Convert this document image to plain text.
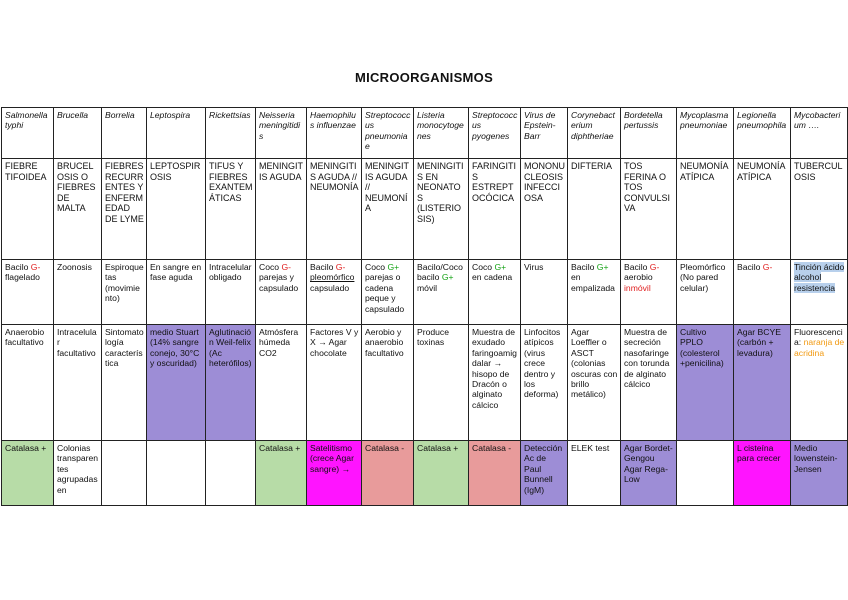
MICROORGANISMOS
Salmonella typhi	Brucella	Borrelia	Leptospira	Rickettsias	Neisseria meningitidis	Haemophilus influenzae	Streptococcus pneumoniae	Listeria monocytogenes	Streptococcus pyogenes	Virus de Epstein-Barr	Corynebacterium diphtheriae	Bordetella pertussis	Mycoplasma pneumoniae	Legionella pneumophila	Mycobacterium ….
FIEBRE TIFOIDEA	BRUCELOSIS O FIEBRES DE MALTA	FIEBRES RECURRENTES Y ENFERMEDAD DE LYME	LEPTOSPIROSIS	TIFUS Y FIEBRES EXANTEMÁTICAS	MENINGITIS AGUDA	MENINGITIS AGUDA // NEUMONÍA	MENINGITIS AGUDA // NEUMONÍA	MENINGITIS EN NEONATOS (LISTERIOSIS)	FARINGITIS ESTREPTOCÓCICA	MONONUCLEOSIS INFECCIOSA	DIFTERIA	TOS FERINA O TOS CONVULSIVA	NEUMONÍA ATÍPICA	NEUMONÍA ATÍPICA	TUBERCULOSIS
Bacilo G- flagelado	Zoonosis	Espiroquetas (movimiento)	En sangre en fase aguda	Intracelular obligado	Coco G- parejas y capsulado	Bacilo G- pleomórfico capsulado	Coco G+ parejas o cadena peque y capsulado	Bacilo/Cocobacilo G+ móvil	Coco G+ en cadena	Virus	Bacilo G+ en empalizada	Bacilo G- aerobio inmóvil	Pleomórfico (No pared celular)	Bacilo G-	Tinción ácido alcohol resistencia
Anaerobio facultativo	Intracelular facultativo	Sintomatología característica	medio Stuart (14% sangre conejo, 30°C y oscuridad)	Aglutinación Weil-felix (Ac heterófilos)	Atmósfera húmeda CO2	Factores V y X → Agar chocolate	Aerobio y anaerobio facultativo	Produce toxinas	Muestra de exudado faringoamigdalar → hisopo de Dracón o alginato cálcico	Linfocitos atípicos (virus crece dentro y los deforma)	Agar Loeffler o ASCT (colonias oscuras con brillo metálico)	Muestra de secreción nasofaringe con torunda de alginato cálcico	Cultivo PPLO (colesterol +penicilina)	Agar BCYE (carbón + levadura)	Fluorescencia: naranja de acridina
Catalasa +	Colonias transparentes agrupadas en				Catalasa +	Satelitismo (crece Agar sangre) →	Catalasa -	Catalasa +	Catalasa -	Detección Ac de Paul Bunnell (IgM)	ELEK test	Agar Bordet-Gengou Agar Rega-Low		L cisteína para crecer	Medio lowenstein-Jensen
